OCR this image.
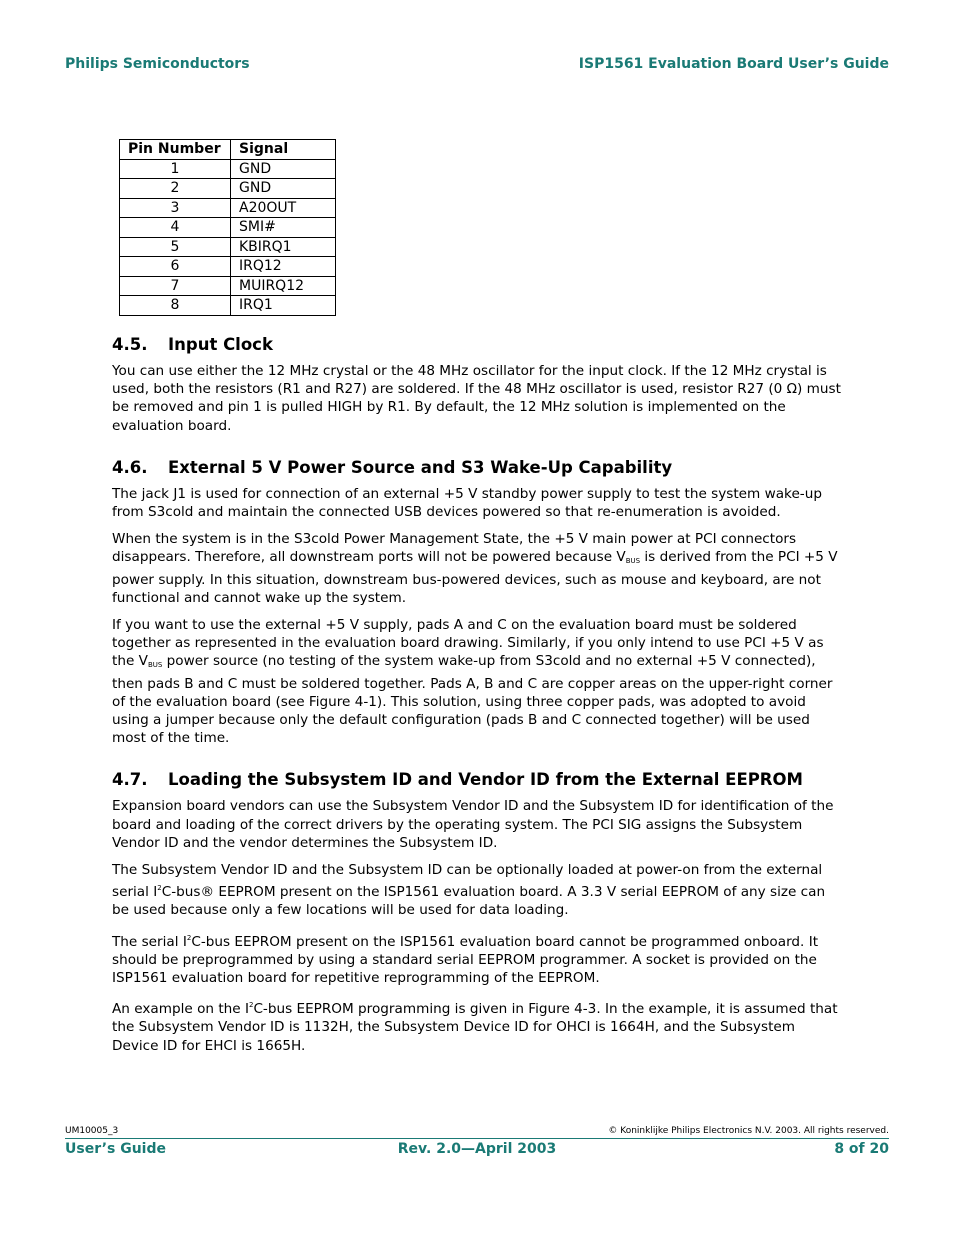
Philips Semiconductors	ISP1561 Evaluation Board User’s Guide
Pin Number	Signal
1	GND
2	GND
3	A20OUT
4	SMI#
5	KBIRQ1
6	IRQ12
7	MUIRQ12
8	IRQ1
4.5. Input Clock

You can use either the 12 MHz crystal or the 48 MHz oscillator for the input clock. If the 12 MHz crystal is used, both the resistors (R1 and R27) are soldered. If the 48 MHz oscillator is used, resistor R27 (0 Ω) must be removed and pin 1 is pulled HIGH by R1. By default, the 12 MHz solution is implemented on the evaluation board.

4.6. External 5 V Power Source and S3 Wake-Up Capability

The jack J1 is used for connection of an external +5 V standby power supply to test the system wake-up from S3cold and maintain the connected USB devices powered so that re-enumeration is avoided.

When the system is in the S3cold Power Management State, the +5 V main power at PCI connectors disappears. Therefore, all downstream ports will not be powered because $V_{BUS}$ is derived from the PCI +5 V power supply. In this situation, downstream bus-powered devices, such as mouse and keyboard, are not functional and cannot wake up the system.

If you want to use the external +5 V supply, pads A and C on the evaluation board must be soldered together as represented in the evaluation board drawing. Similarly, if you only intend to use PCI +5 V as the $V_{BUS}$ power source (no testing of the system wake-up from S3cold and no external +5 V connected), then pads B and C must be soldered together. Pads A, B and C are copper areas on the upper-right corner of the evaluation board (see Figure 4-1). This solution, using three copper pads, was adopted to avoid using a jumper because only the default configuration (pads B and C connected together) will be used most of the time.

4.7. Loading the Subsystem ID and Vendor ID from the External EEPROM

Expansion board vendors can use the Subsystem Vendor ID and the Subsystem ID for identification of the board and loading of the correct drivers by the operating system. The PCI SIG assigns the Subsystem Vendor ID and the vendor determines the Subsystem ID.

The Subsystem Vendor ID and the Subsystem ID can be optionally loaded at power-on from the external serial $I^2C-bus®$ EEPROM present on the ISP1561 evaluation board. A 3.3 V serial EEPROM of any size can be used because only a few locations will be used for data loading.

The serial $I^2C$-bus EEPROM present on the ISP1561 evaluation board cannot be programmed onboard. It should be preprogrammed by using a standard serial EEPROM programmer. A socket is provided on the ISP1561 evaluation board for repetitive reprogramming of the EEPROM.

An example on the $I^2C$-bus EEPROM programming is given in Figure 4-3. In the example, it is assumed that the Subsystem Vendor ID is 1132H, the Subsystem Device ID for OHCI is 1664H, and the Subsystem Device ID for EHCI is 1665H.

UM10005_3	© Koninklijke Philips Electronics N.V. 2003. All rights reserved.
User’s Guide	Rev. 2.0—April 2003	8 of 20
